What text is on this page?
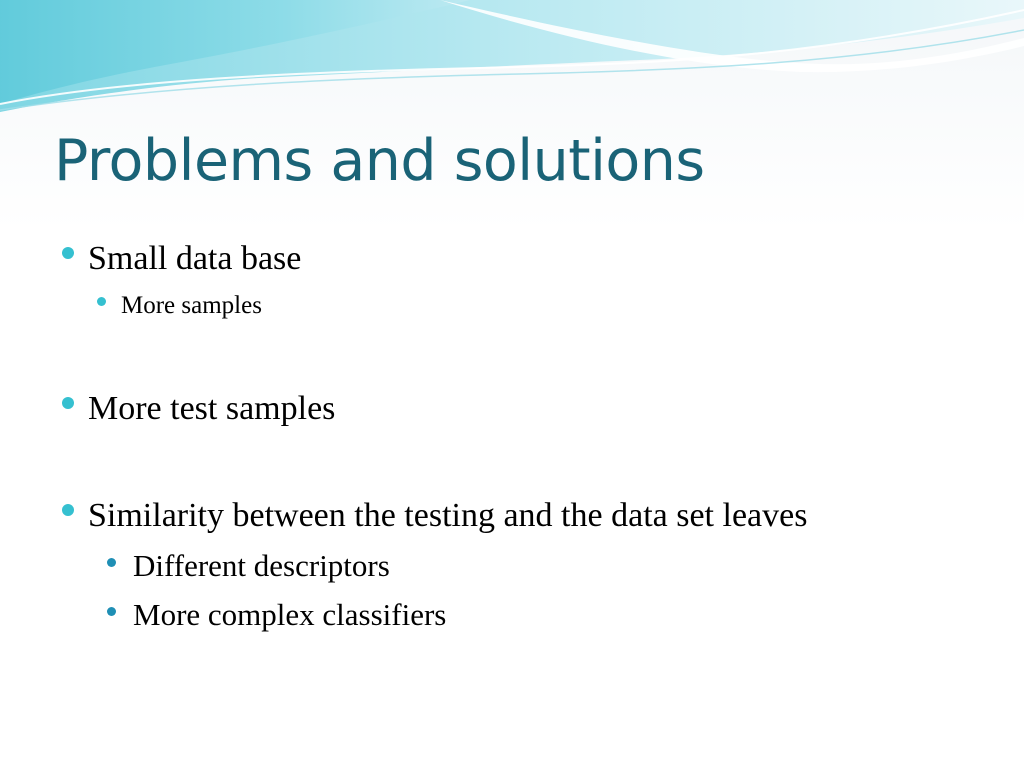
Problems and solutions
Small data base
More samples
More test samples
Similarity between the testing and the data set leaves
Different descriptors
More complex classifiers
